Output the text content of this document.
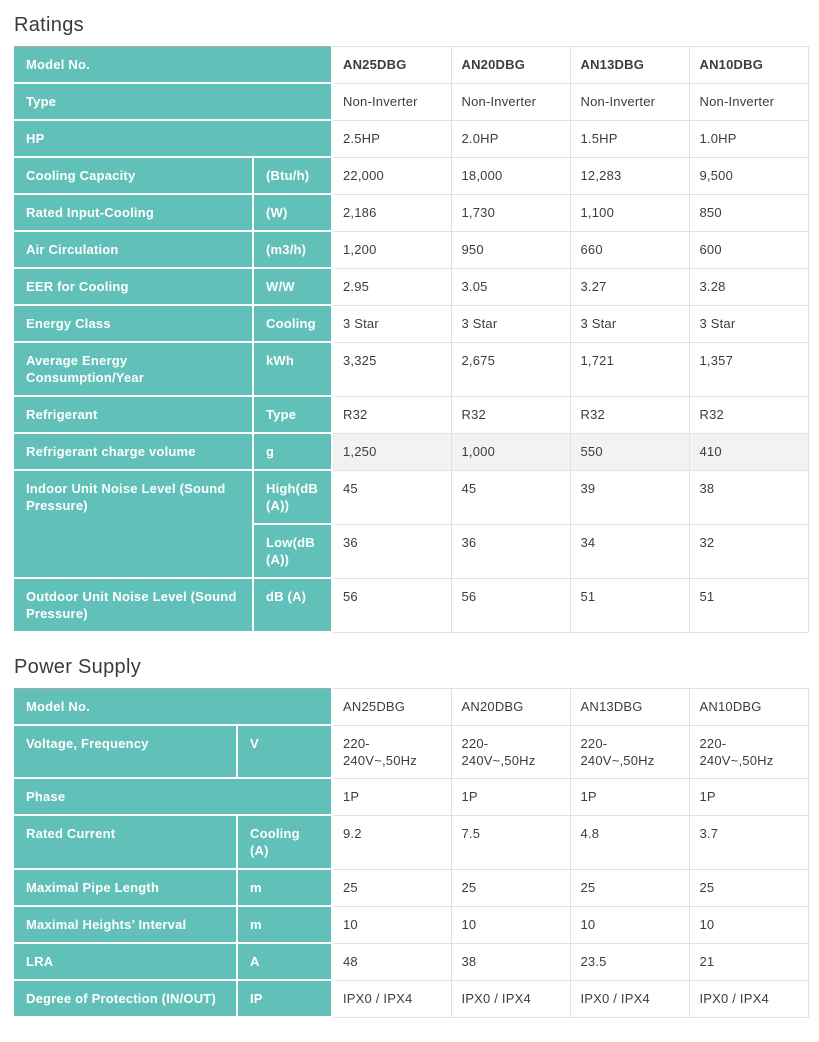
Ratings
Model No.		AN25DBG	AN20DBG	AN13DBG	AN10DBG
Type		Non-Inverter	Non-Inverter	Non-Inverter	Non-Inverter
HP		2.5HP	2.0HP	1.5HP	1.0HP
Cooling Capacity	(Btu/h)	22,000	18,000	12,283	9,500
Rated Input-Cooling	(W)	2,186	1,730	1,100	850
Air Circulation	(m3/h)	1,200	950	660	600
EER for Cooling	W/W	2.95	3.05	3.27	3.28
Energy Class	Cooling	3 Star	3 Star	3 Star	3 Star
Average Energy Consumption/Year	kWh	3,325	2,675	1,721	1,357
Refrigerant	Type	R32	R32	R32	R32
Refrigerant charge volume	g	1,250	1,000	550	410
Indoor Unit Noise Level (Sound Pressure)	High(dB (A))	45	45	39	38
	Low(dB (A))	36	36	34	32
Outdoor Unit Noise Level (Sound Pressure)	dB (A)	56	56	51	51
Power Supply
Model No.		AN25DBG	AN20DBG	AN13DBG	AN10DBG
Voltage, Frequency	V	220-240V~,50Hz	220-240V~,50Hz	220-240V~,50Hz	220-240V~,50Hz
Phase		1P	1P	1P	1P
Rated Current	Cooling (A)	9.2	7.5	4.8	3.7
Maximal Pipe Length	m	25	25	25	25
Maximal Heights’ Interval	m	10	10	10	10
LRA	A	48	38	23.5	21
Degree of Protection (IN/OUT)	IP	IPX0 / IPX4	IPX0 / IPX4	IPX0 / IPX4	IPX0 / IPX4
